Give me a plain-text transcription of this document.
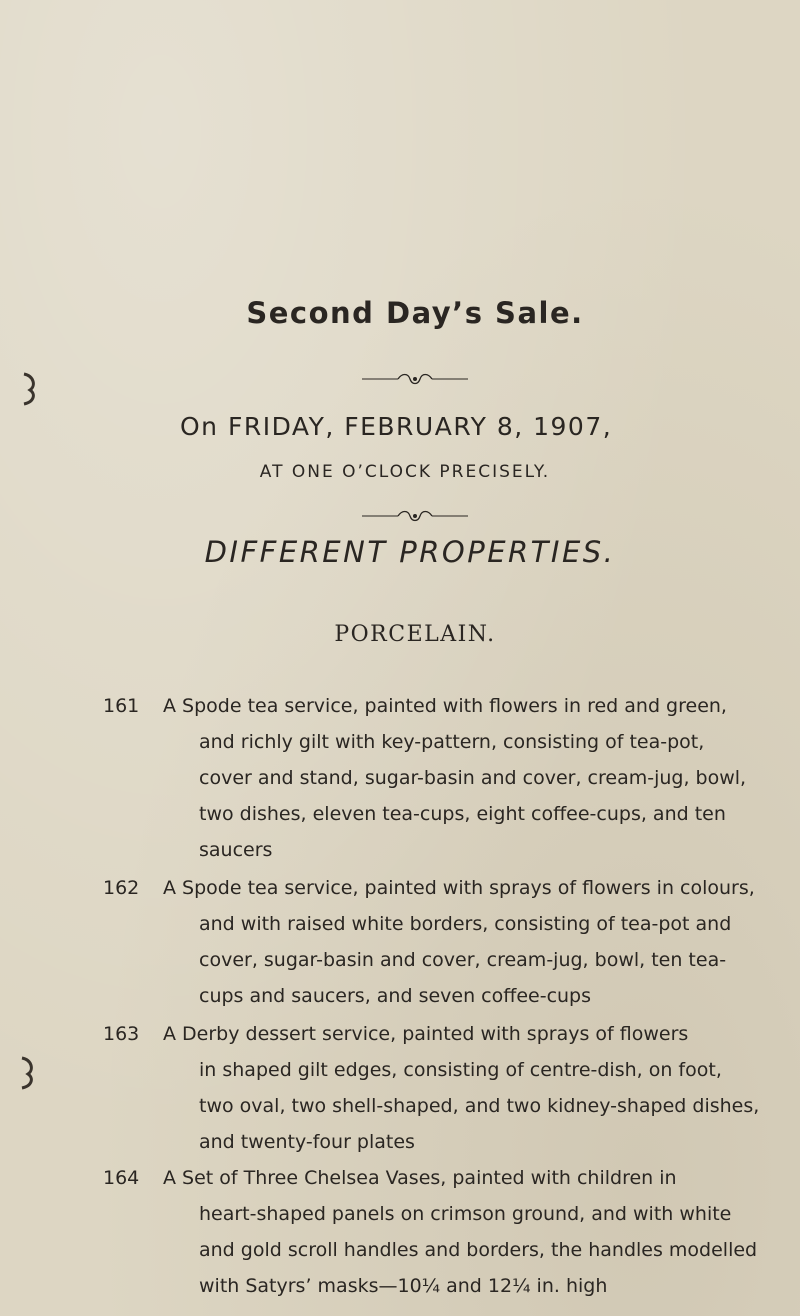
Second Day’s Sale.
On FRIDAY, FEBRUARY 8, 1907,
AT ONE O’CLOCK PRECISELY.
DIFFERENT PROPERTIES.
PORCELAIN.
161	A Spode tea service, painted with flowers in red and green,
and richly gilt with key-pattern, consisting of tea-pot,
cover and stand, sugar-basin and cover, cream-jug, bowl,
two dishes, eleven tea-cups, eight coffee-cups, and ten
saucers
162	A Spode tea service, painted with sprays of flowers in colours,
and with raised white borders, consisting of tea-pot and
cover, sugar-basin and cover, cream-jug, bowl, ten tea-
cups and saucers, and seven coffee-cups
163	A Derby dessert service, painted with sprays of flowers
in shaped gilt edges, consisting of centre-dish, on foot,
two oval, two shell-shaped, and two kidney-shaped dishes,
and twenty-four plates
164	A Set of Three Chelsea Vases, painted with children in
heart-shaped panels on crimson ground, and with white
and gold scroll handles and borders, the handles modelled
with Satyrs’ masks—10¼ and 12¼ in. high
